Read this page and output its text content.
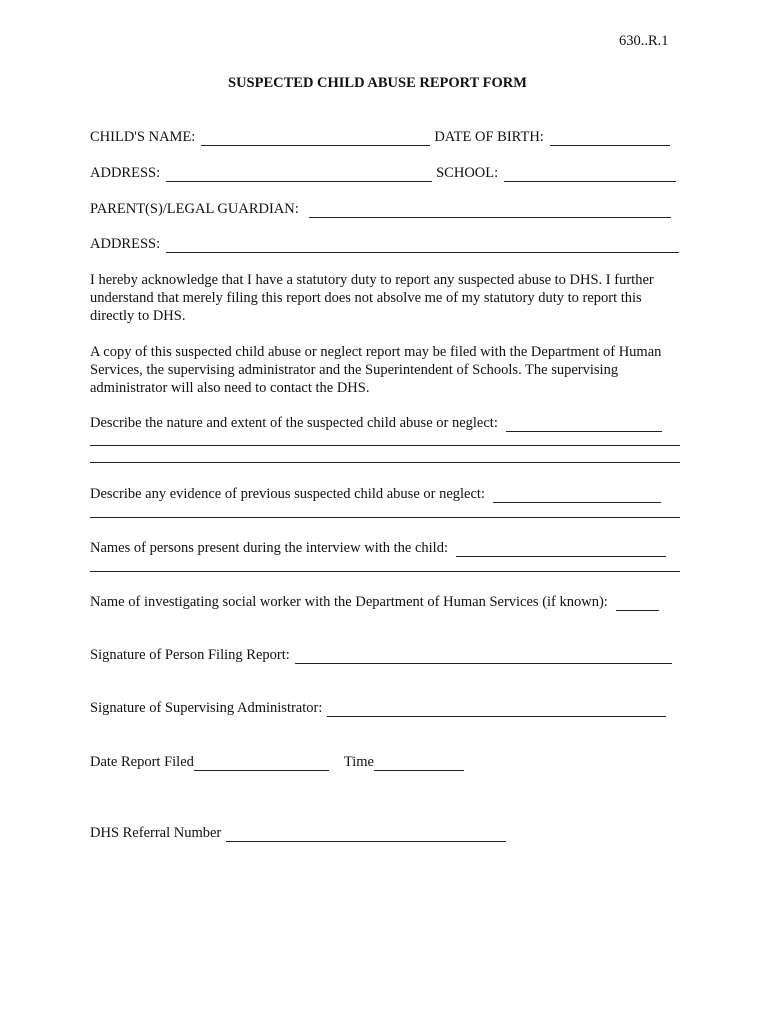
630..R.1
SUSPECTED CHILD ABUSE REPORT FORM
CHILD'S NAME:	DATE OF BIRTH:
ADDRESS:	SCHOOL:
PARENT(S)/LEGAL GUARDIAN:
ADDRESS:

I hereby acknowledge that I have a statutory duty to report any suspected abuse to DHS. I further understand that merely filing this report does not absolve me of my statutory duty to report this directly to DHS.

A copy of this suspected child abuse or neglect report may be filed with the Department of Human Services, the supervising administrator and the Superintendent of Schools. The supervising administrator will also need to contact the DHS.

Describe the nature and extent of the suspected child abuse or neglect:
Describe any evidence of previous suspected child abuse or neglect:
Names of persons present during the interview with the child:
Name of investigating social worker with the Department of Human Services (if known):
Signature of Person Filing Report:
Signature of Supervising Administrator:
Date Report Filed	Time
DHS Referral Number
